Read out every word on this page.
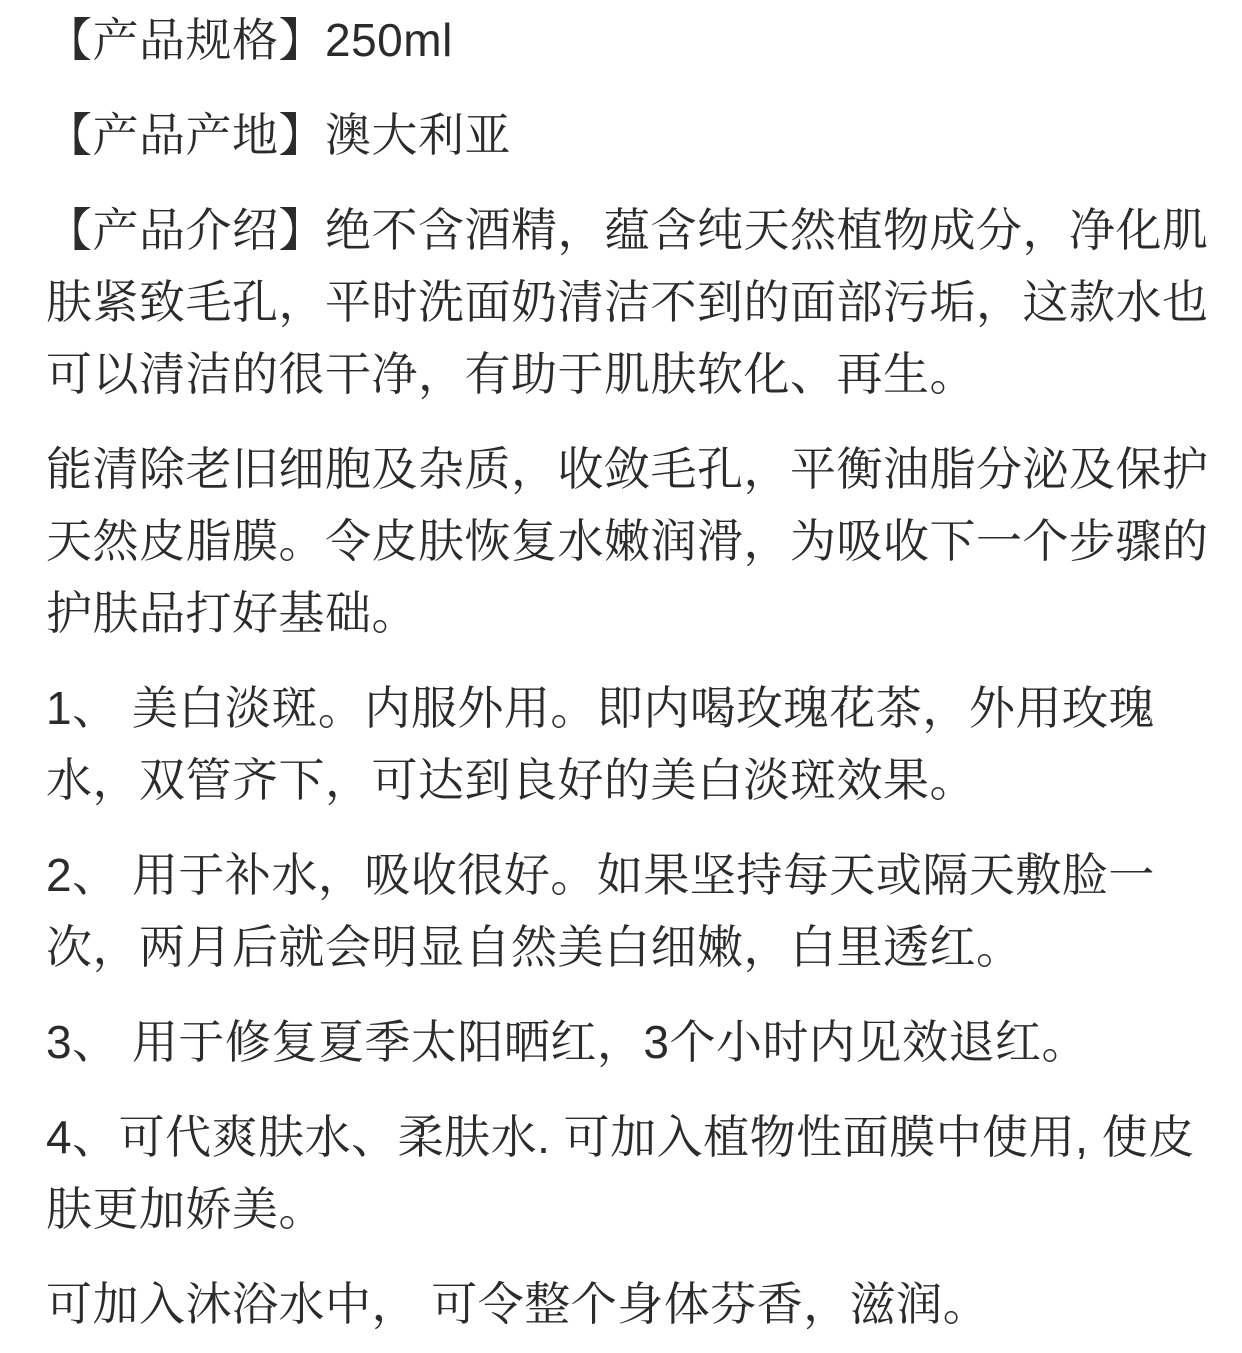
【产品规格】250ml
【产品产地】澳大利亚
【产品介绍】绝不含酒精，蕴含纯天然植物成分，净化肌
肤紧致毛孔，平时洗面奶清洁不到的面部污垢，这款水也
可以清洁的很干净，有助于肌肤软化、再生。
能清除老旧细胞及杂质，收敛毛孔，平衡油脂分泌及保护
天然皮脂膜。令皮肤恢复水嫩润滑，为吸收下一个步骤的
护肤品打好基础。
1、 美白淡斑。内服外用。即内喝玫瑰花茶，外用玫瑰
水，双管齐下，可达到良好的美白淡斑效果。
2、 用于补水，吸收很好。如果坚持每天或隔天敷脸一
次，两月后就会明显自然美白细嫩，白里透红。
3、 用于修复夏季太阳晒红，3个小时内见效退红。
4、可代爽肤水、柔肤水. 可加入植物性面膜中使用, 使皮
肤更加娇美。
可加入沐浴水中， 可令整个身体芬香，滋润。
